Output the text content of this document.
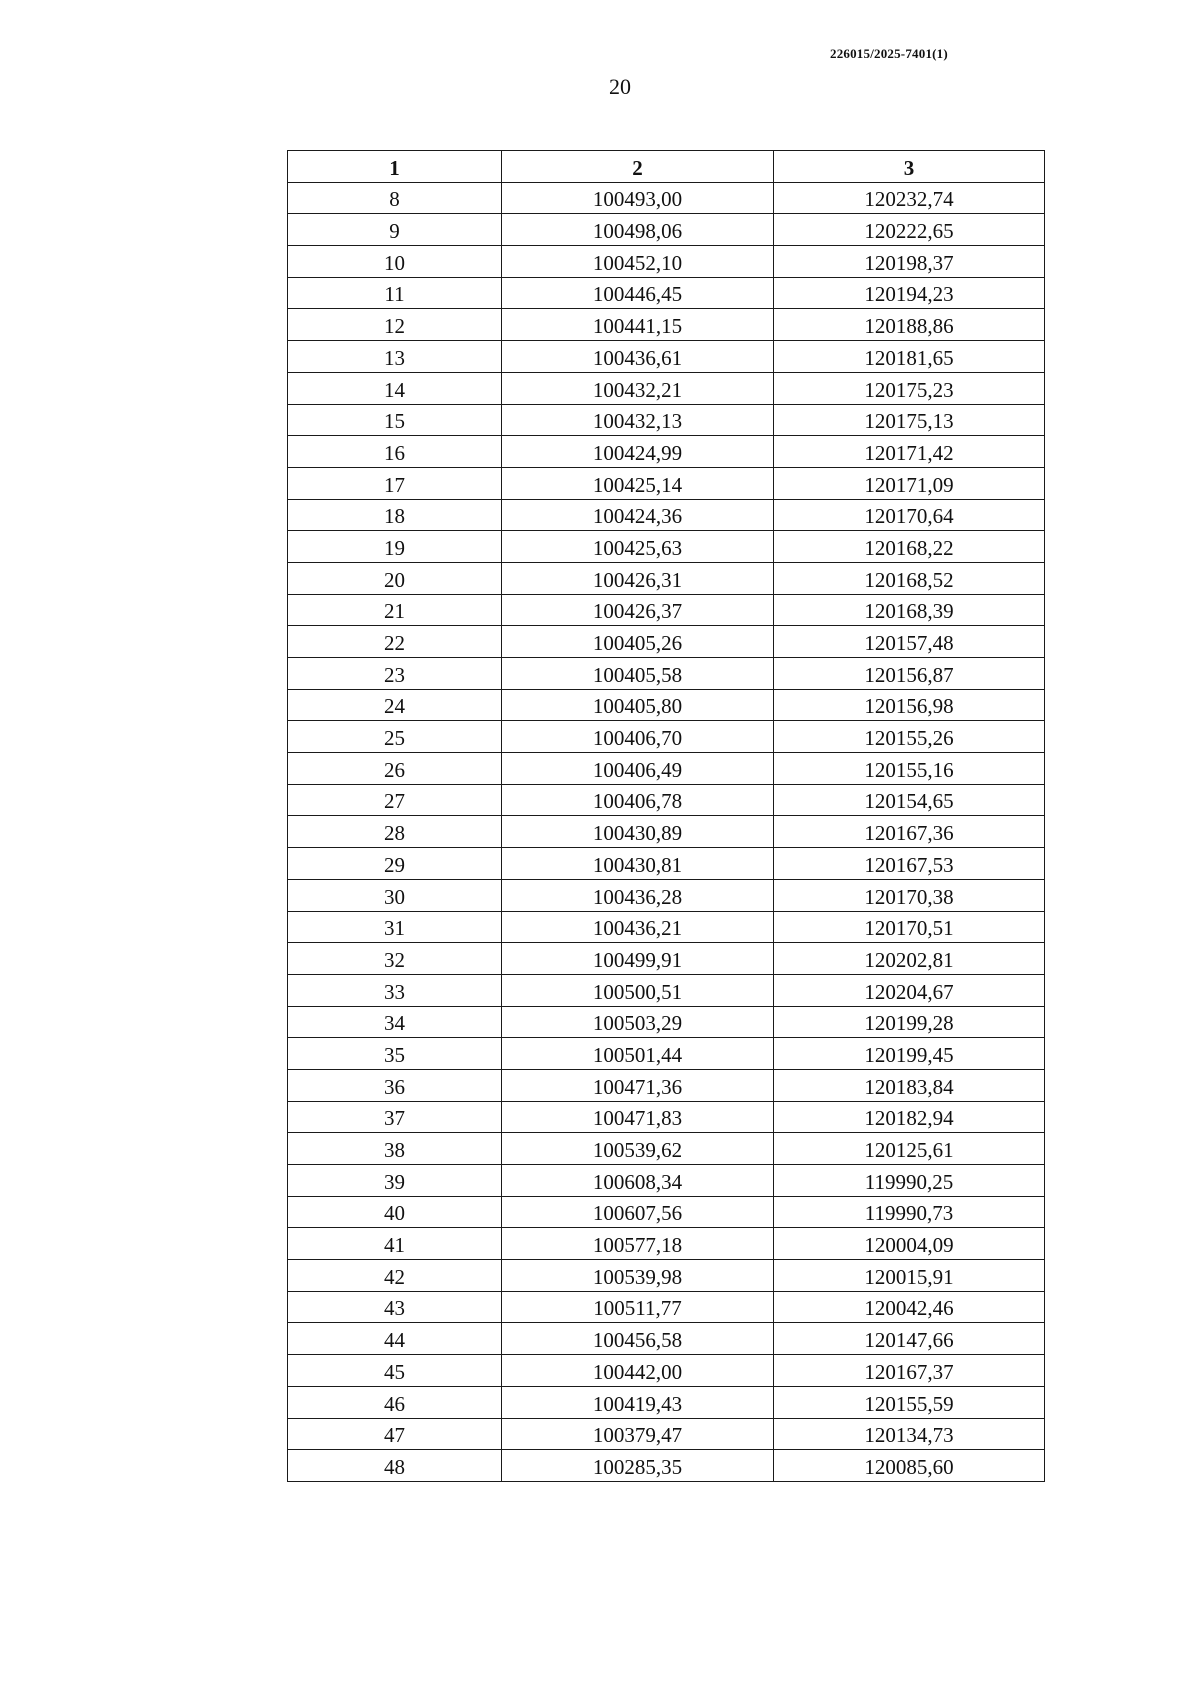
226015/2025-7401(1)
20
1	2	3
8	100493,00	120232,74
9	100498,06	120222,65
10	100452,10	120198,37
11	100446,45	120194,23
12	100441,15	120188,86
13	100436,61	120181,65
14	100432,21	120175,23
15	100432,13	120175,13
16	100424,99	120171,42
17	100425,14	120171,09
18	100424,36	120170,64
19	100425,63	120168,22
20	100426,31	120168,52
21	100426,37	120168,39
22	100405,26	120157,48
23	100405,58	120156,87
24	100405,80	120156,98
25	100406,70	120155,26
26	100406,49	120155,16
27	100406,78	120154,65
28	100430,89	120167,36
29	100430,81	120167,53
30	100436,28	120170,38
31	100436,21	120170,51
32	100499,91	120202,81
33	100500,51	120204,67
34	100503,29	120199,28
35	100501,44	120199,45
36	100471,36	120183,84
37	100471,83	120182,94
38	100539,62	120125,61
39	100608,34	119990,25
40	100607,56	119990,73
41	100577,18	120004,09
42	100539,98	120015,91
43	100511,77	120042,46
44	100456,58	120147,66
45	100442,00	120167,37
46	100419,43	120155,59
47	100379,47	120134,73
48	100285,35	120085,60
